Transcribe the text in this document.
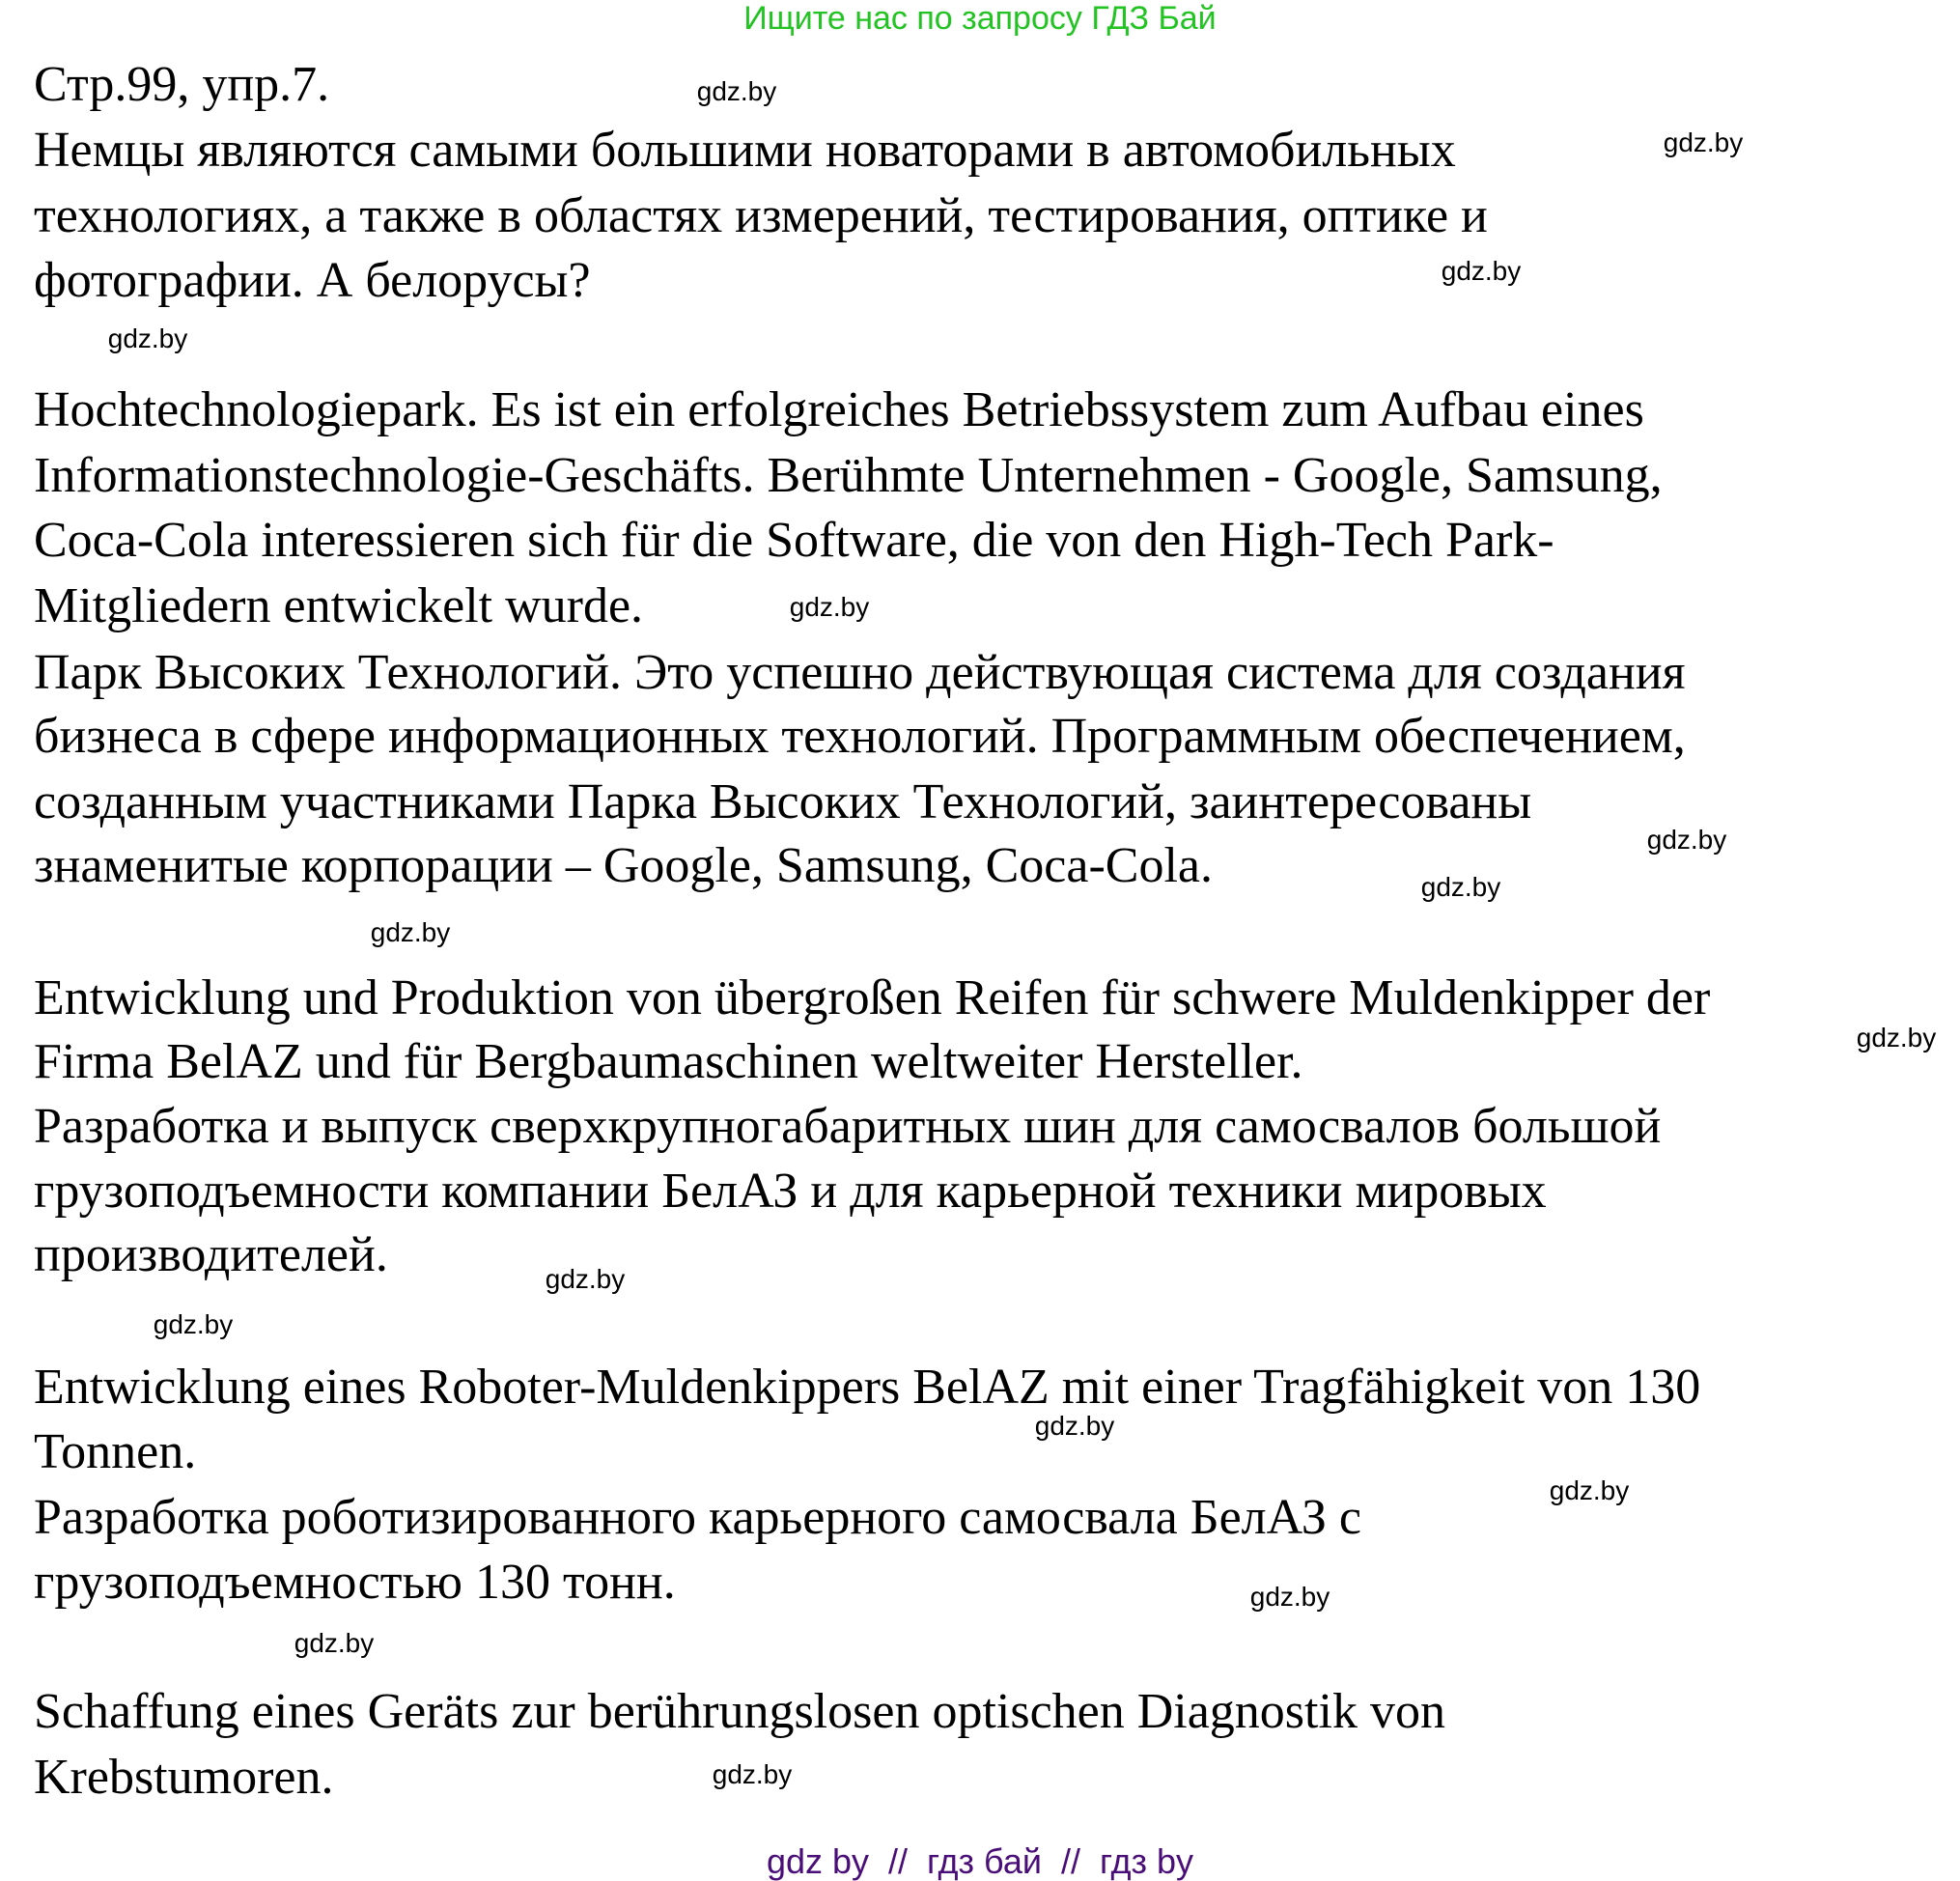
Ищите нас по запросу ГДЗ Бай
Стр.99, упр.7.
Немцы являются самыми большими новаторами в автомобильных
технологиях, а также в областях измерений, тестирования, оптике и
фотографии. А белорусы?
Hochtechnologiepark. Es ist ein erfolgreiches Betriebssystem zum Aufbau eines
Informationstechnologie-Geschäfts. Berühmte Unternehmen - Google, Samsung,
Coca-Cola interessieren sich für die Software, die von den High-Tech Park-
Mitgliedern entwickelt wurde.
Парк Высоких Технологий. Это успешно действующая система для создания
бизнеса в сфере информационных технологий. Программным обеспечением,
созданным участниками Парка Высоких Технологий, заинтересованы
знаменитые корпорации – Google, Samsung, Coca-Cola.
Entwicklung und Produktion von übergroßen Reifen für schwere Muldenkipper der
Firma BelAZ und für Bergbaumaschinen weltweiter Hersteller.
Разработка и выпуск сверхкрупногабаритных шин для самосвалов большой
грузоподъемности компании БелАЗ и для карьерной техники мировых
производителей.
Entwicklung eines Roboter-Muldenkippers BelAZ mit einer Tragfähigkeit von 130
Tonnen.
Разработка роботизированного карьерного самосвала БелАЗ с
грузоподъемностью 130 тонн.
Schaffung eines Geräts zur berührungslosen optischen Diagnostik von
Krebstumoren.
gdz.by
gdz.by
gdz.by
gdz.by
gdz.by
gdz.by
gdz.by
gdz.by
gdz.by
gdz.by
gdz.by
gdz.by
gdz.by
gdz.by
gdz.by
gdz.by
gdz by  //  гдз бай  //  гдз by
